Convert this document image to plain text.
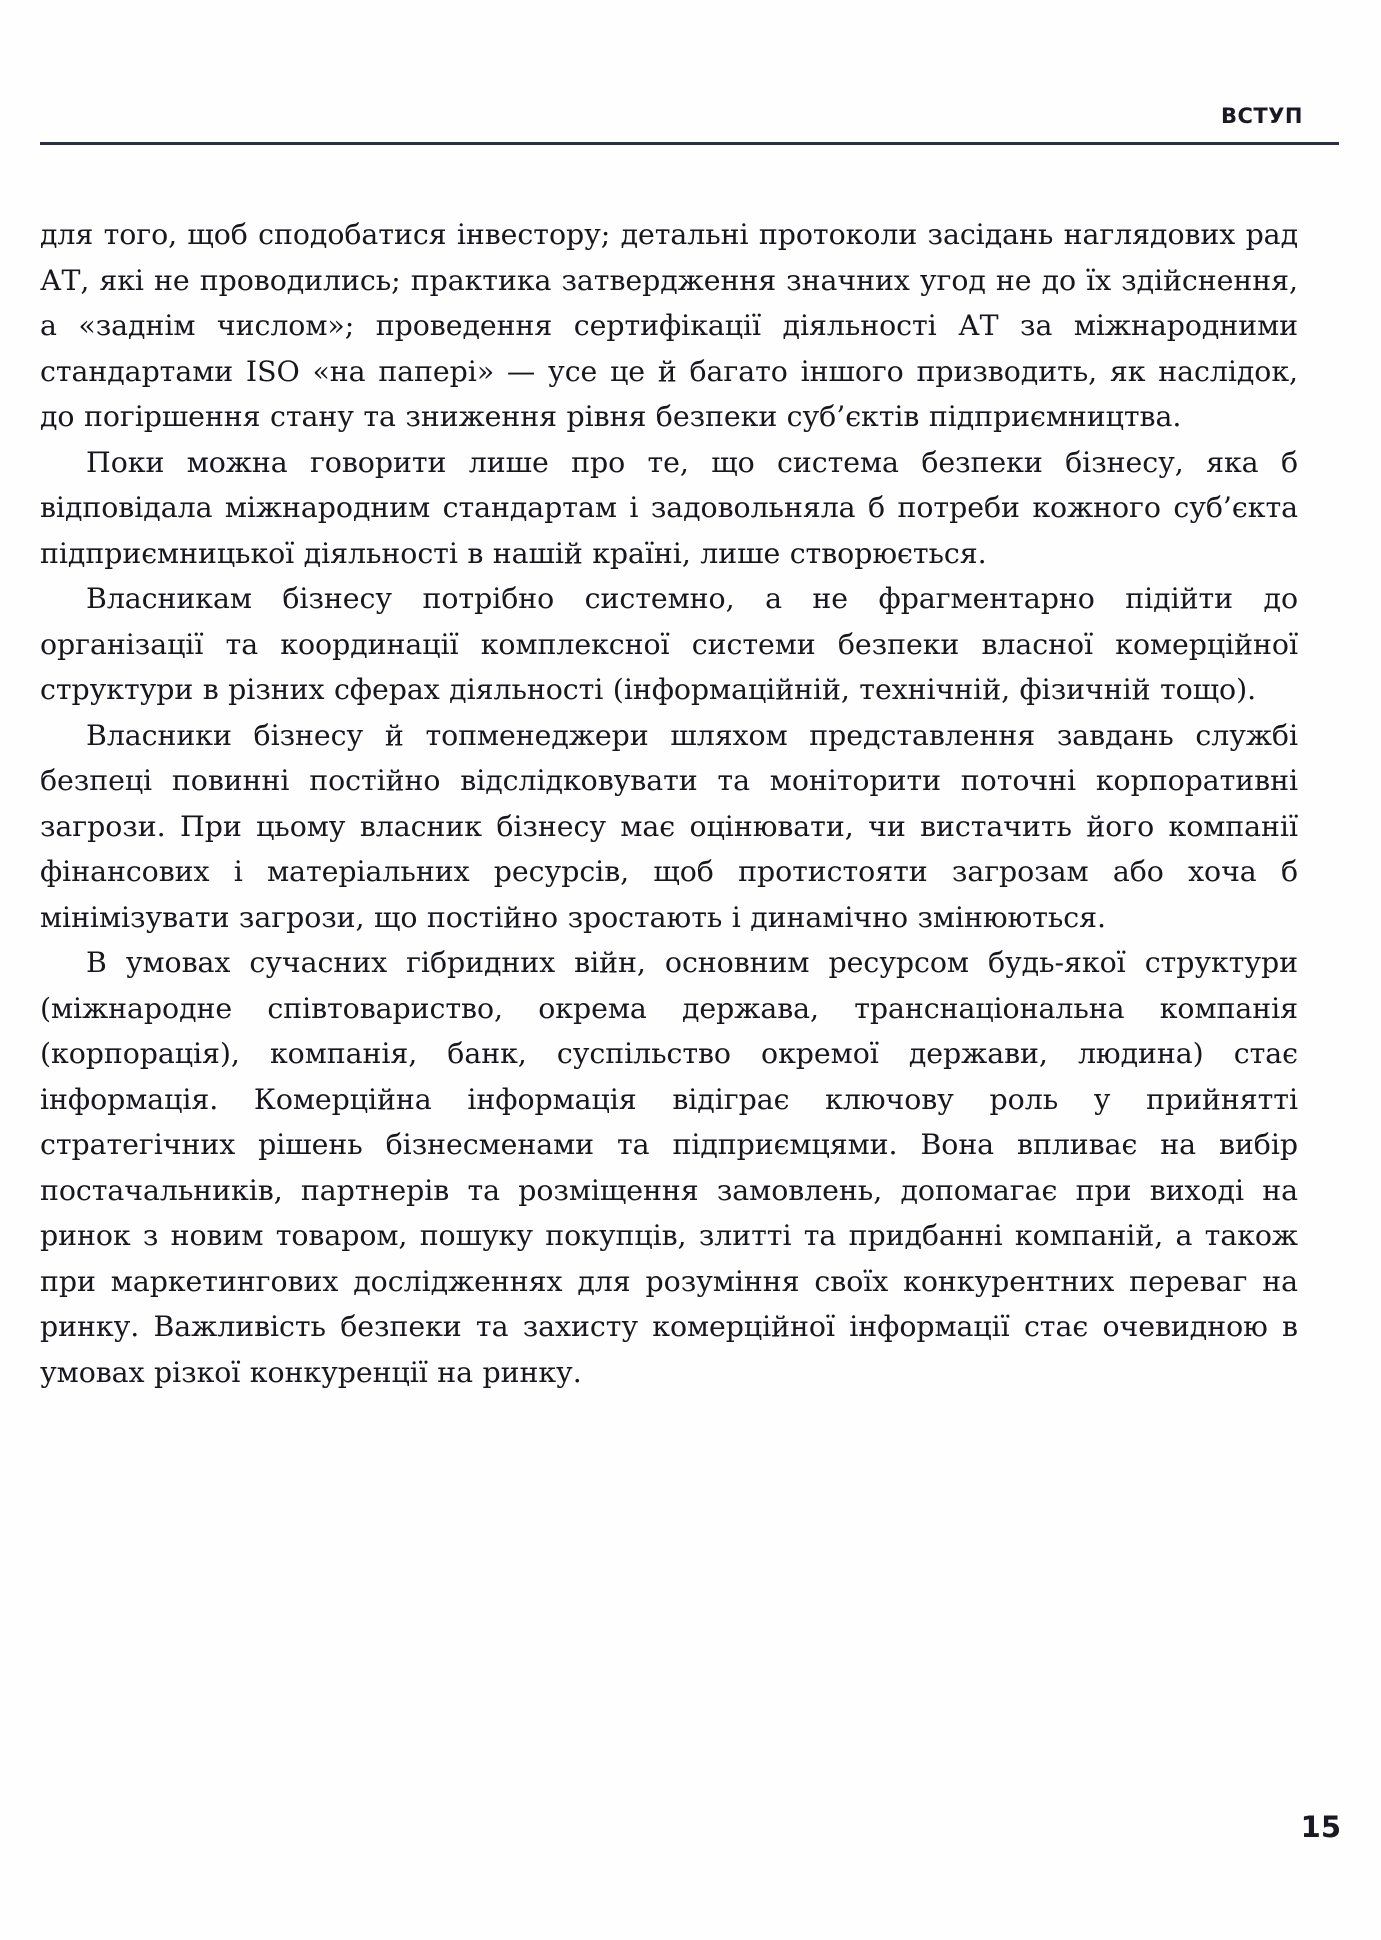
ВСТУП

для того, щоб сподобатися інвестору; детальні протоколи засідань наглядових рад АТ, які не проводились; практика затвердження значних угод не до їх здійснення, а «заднім числом»; проведення сертифікації діяльності АТ за міжнародними стандартами ISO «на папері» — усе це й багато іншого призводить, як наслідок, до погіршення стану та зниження рівня безпеки суб’єктів підприємництва.

Поки можна говорити лише про те, що система безпеки бізнесу, яка б відповідала міжнародним стандартам і задовольняла б потреби кожного суб’єкта підприємницької діяльності в нашій країні, лише створюється.

Власникам бізнесу потрібно системно, а не фрагментарно підійти до організації та координації комплексної системи безпеки власної комерційної структури в різних сферах діяльності (інформаційній, технічній, фізичній тощо).

Власники бізнесу й топменеджери шляхом представлення завдань службі безпеці повинні постійно відслідковувати та моніторити поточні корпоративні загрози. При цьому власник бізнесу має оцінювати, чи вистачить його компанії фінансових і матеріальних ресурсів, щоб протистояти загрозам або хоча б мінімізувати загрози, що постійно зростають і динамічно змінюються.

В умовах сучасних гібридних війн, основним ресурсом будь-якої структури (міжнародне співтовариство, окрема держава, транснаціональна компанія (корпорація), компанія, банк, суспільство окремої держави, людина) стає інформація. Комерційна інформація відіграє ключову роль у прийнятті стратегічних рішень бізнесменами та підприємцями. Вона впливає на вибір постачальників, партнерів та розміщення замовлень, допомагає при виході на ринок з новим товаром, пошуку покупців, злитті та придбанні компаній, а також при маркетингових дослідженнях для розуміння своїх конкурентних переваг на ринку. Важливість безпеки та захисту комерційної інформації стає очевидною в умовах різкої конкуренції на ринку.

15
